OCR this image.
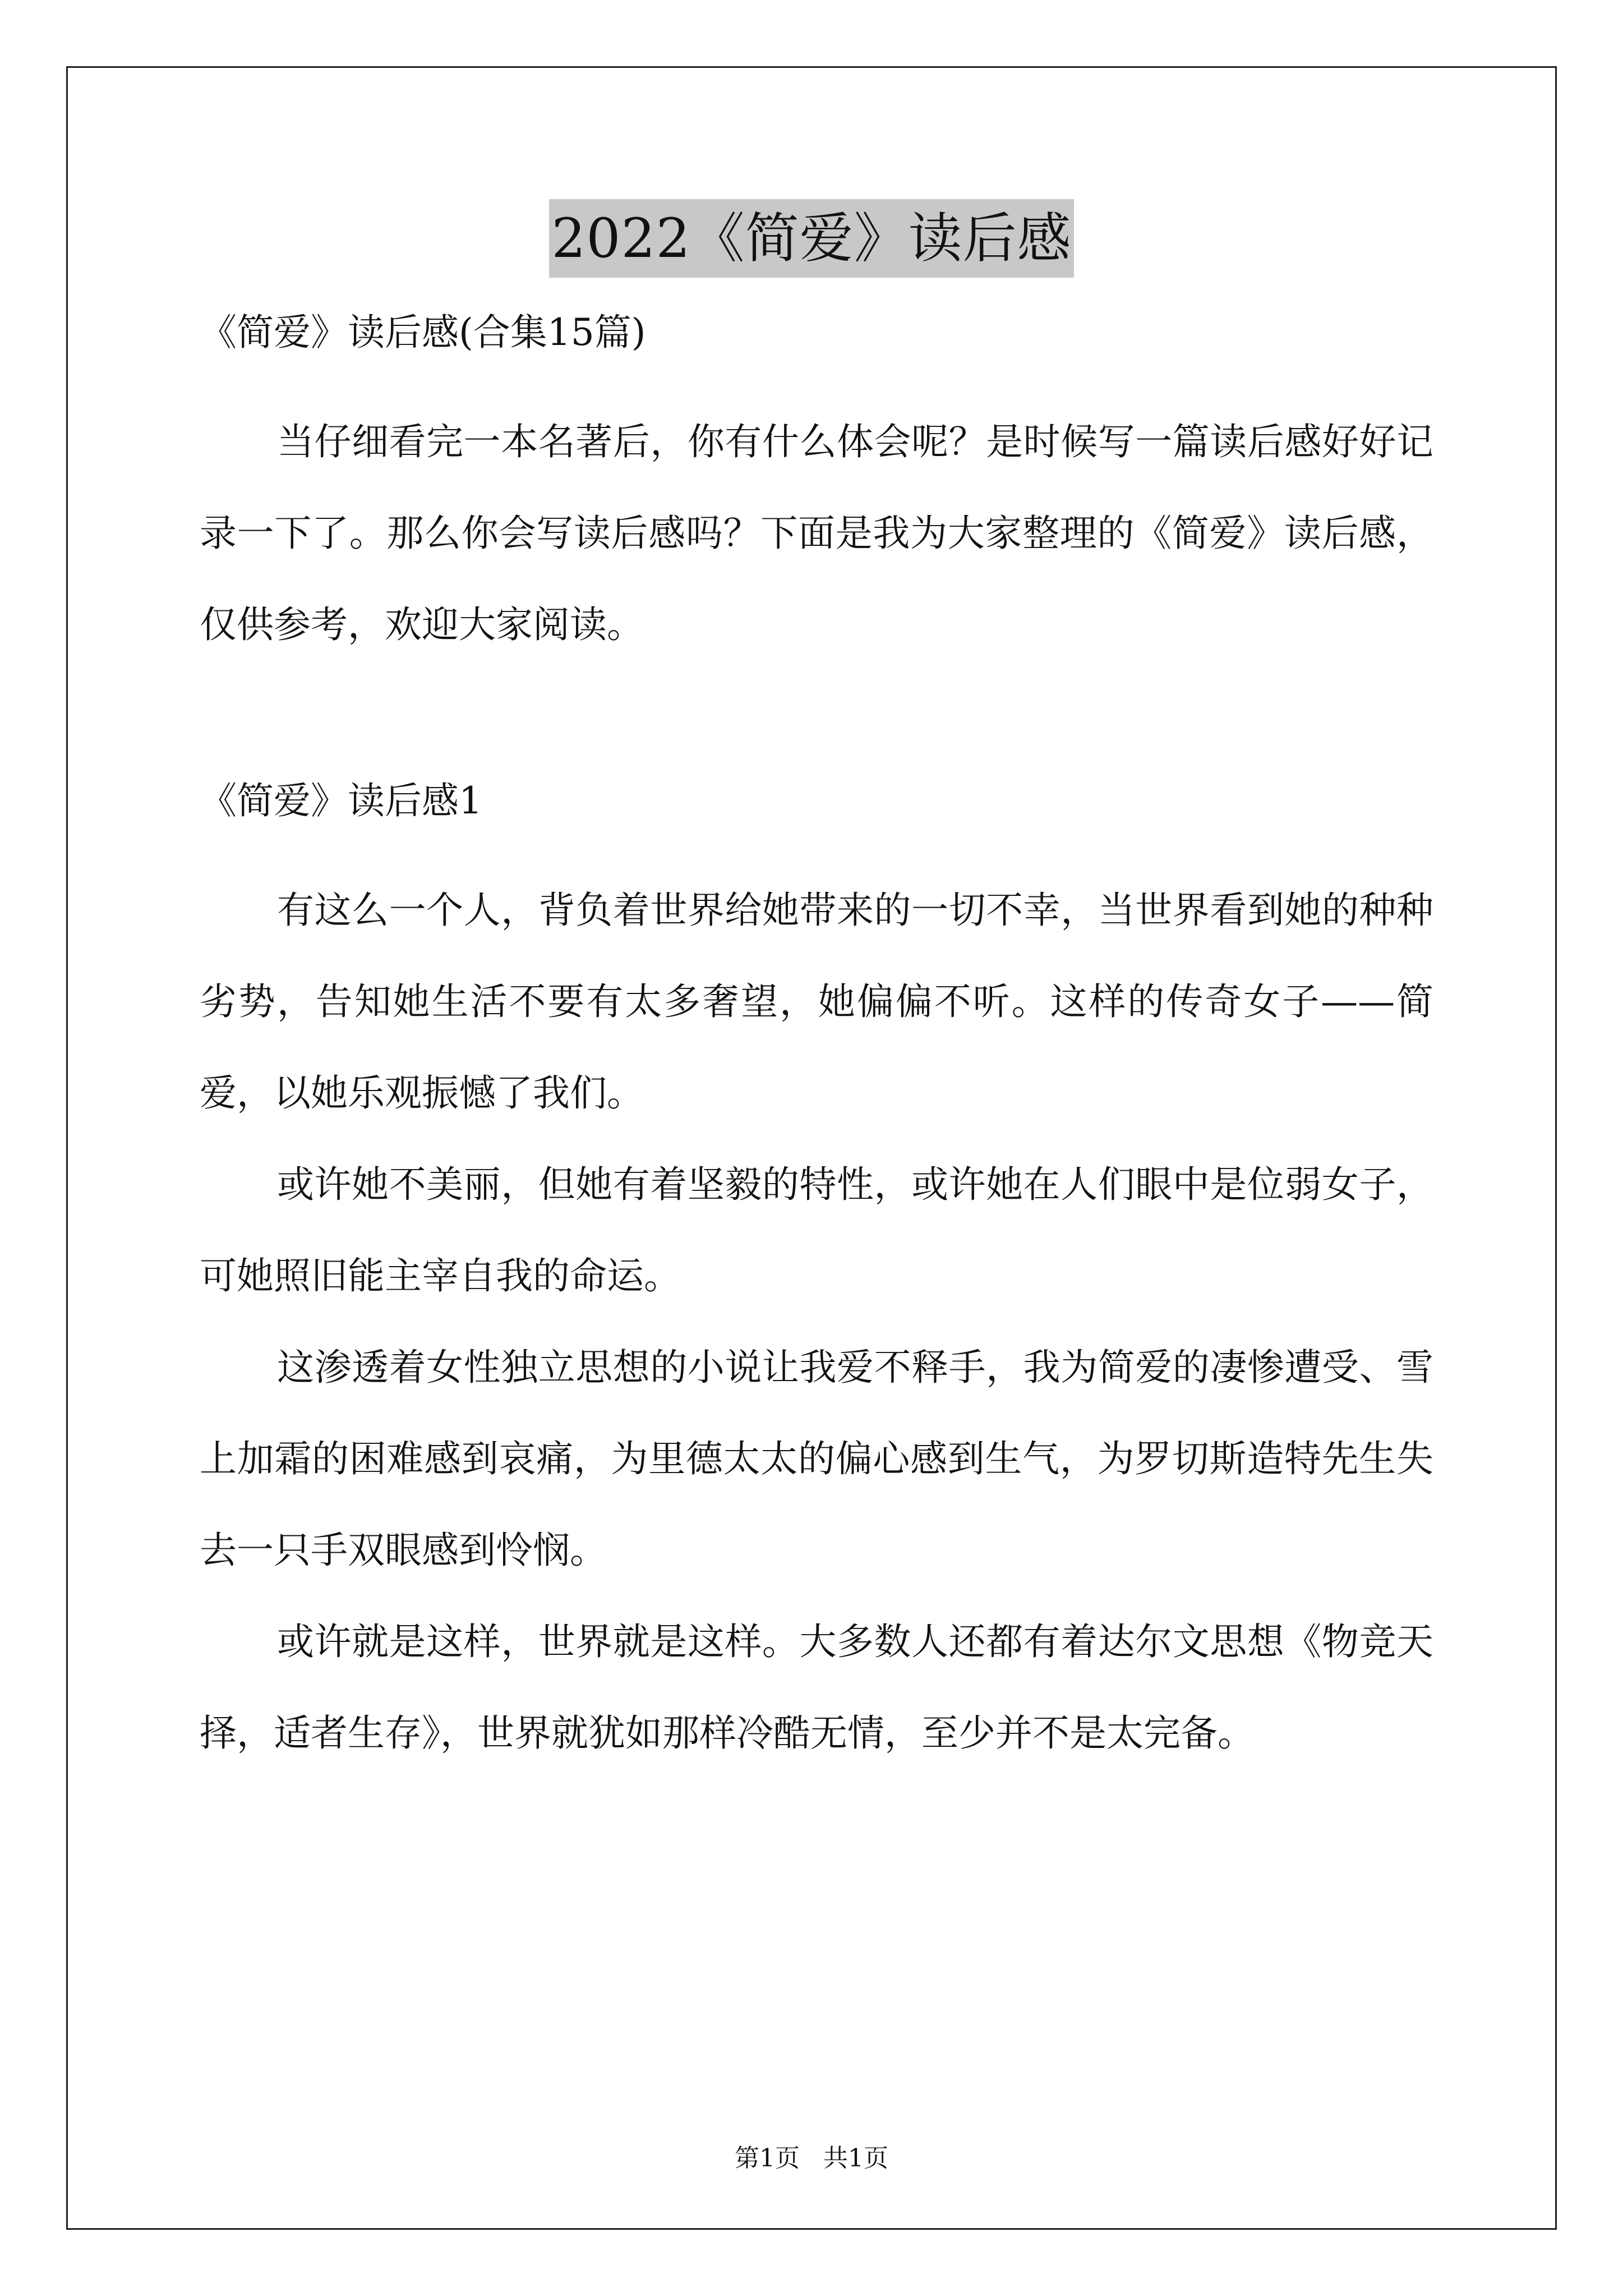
2022《简爱》读后感

《简爱》读后感(合集15篇)

当仔细看完一本名著后，你有什么体会呢？是时候写一篇读后感好好记录一下了。那么你会写读后感吗？下面是我为大家整理的《简爱》读后感，仅供参考，欢迎大家阅读。

《简爱》读后感1

有这么一个人，背负着世界给她带来的一切不幸，当世界看到她的种种劣势，告知她生活不要有太多奢望，她偏偏不听。这样的传奇女子——简爱，以她乐观振憾了我们。

或许她不美丽，但她有着坚毅的特性，或许她在人们眼中是位弱女子，可她照旧能主宰自我的命运。

这渗透着女性独立思想的小说让我爱不释手，我为简爱的凄惨遭受、雪上加霜的困难感到哀痛，为里德太太的偏心感到生气，为罗切斯造特先生失去一只手双眼感到怜悯。

或许就是这样，世界就是这样。大多数人还都有着达尔文思想《物竞天择，适者生存》，世界就犹如那样冷酷无情，至少并不是太完备。

第1页   共1页
